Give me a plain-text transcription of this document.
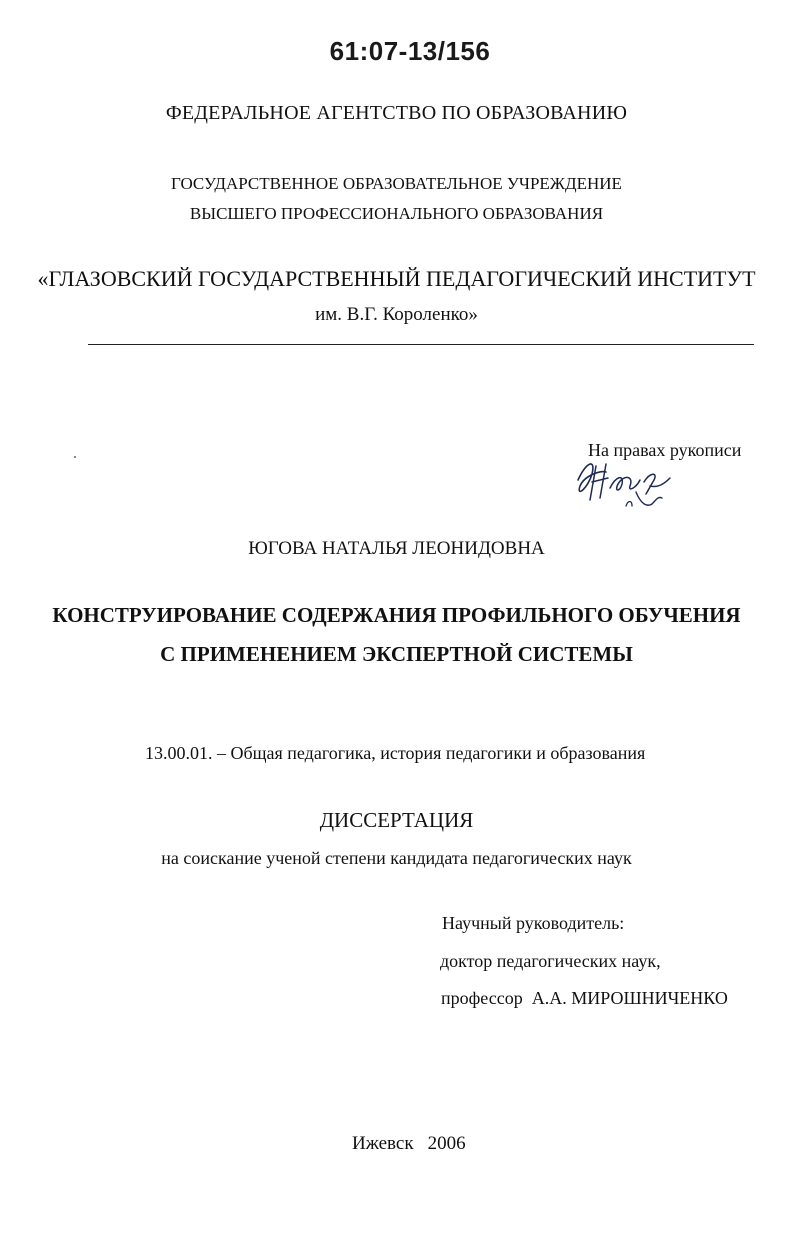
61:07-13/156
ФЕДЕРАЛЬНОЕ АГЕНТСТВО ПО ОБРАЗОВАНИЮ
ГОСУДАРСТВЕННОЕ ОБРАЗОВАТЕЛЬНОЕ УЧРЕЖДЕНИЕ
ВЫСШЕГО ПРОФЕССИОНАЛЬНОГО ОБРАЗОВАНИЯ
«ГЛАЗОВСКИЙ ГОСУДАРСТВЕННЫЙ ПЕДАГОГИЧЕСКИЙ ИНСТИТУТ
им. В.Г. Короленко»
На правах рукописи
ЮГОВА НАТАЛЬЯ ЛЕОНИДОВНА
КОНСТРУИРОВАНИЕ СОДЕРЖАНИЯ ПРОФИЛЬНОГО ОБУЧЕНИЯ
С ПРИМЕНЕНИЕМ ЭКСПЕРТНОЙ СИСТЕМЫ
13.00.01. – Общая педагогика, история педагогики и образования
ДИССЕРТАЦИЯ
на соискание ученой степени кандидата педагогических наук
Научный руководитель:
доктор педагогических наук,
профессор А.А. МИРОШНИЧЕНКО
Ижевск 2006
